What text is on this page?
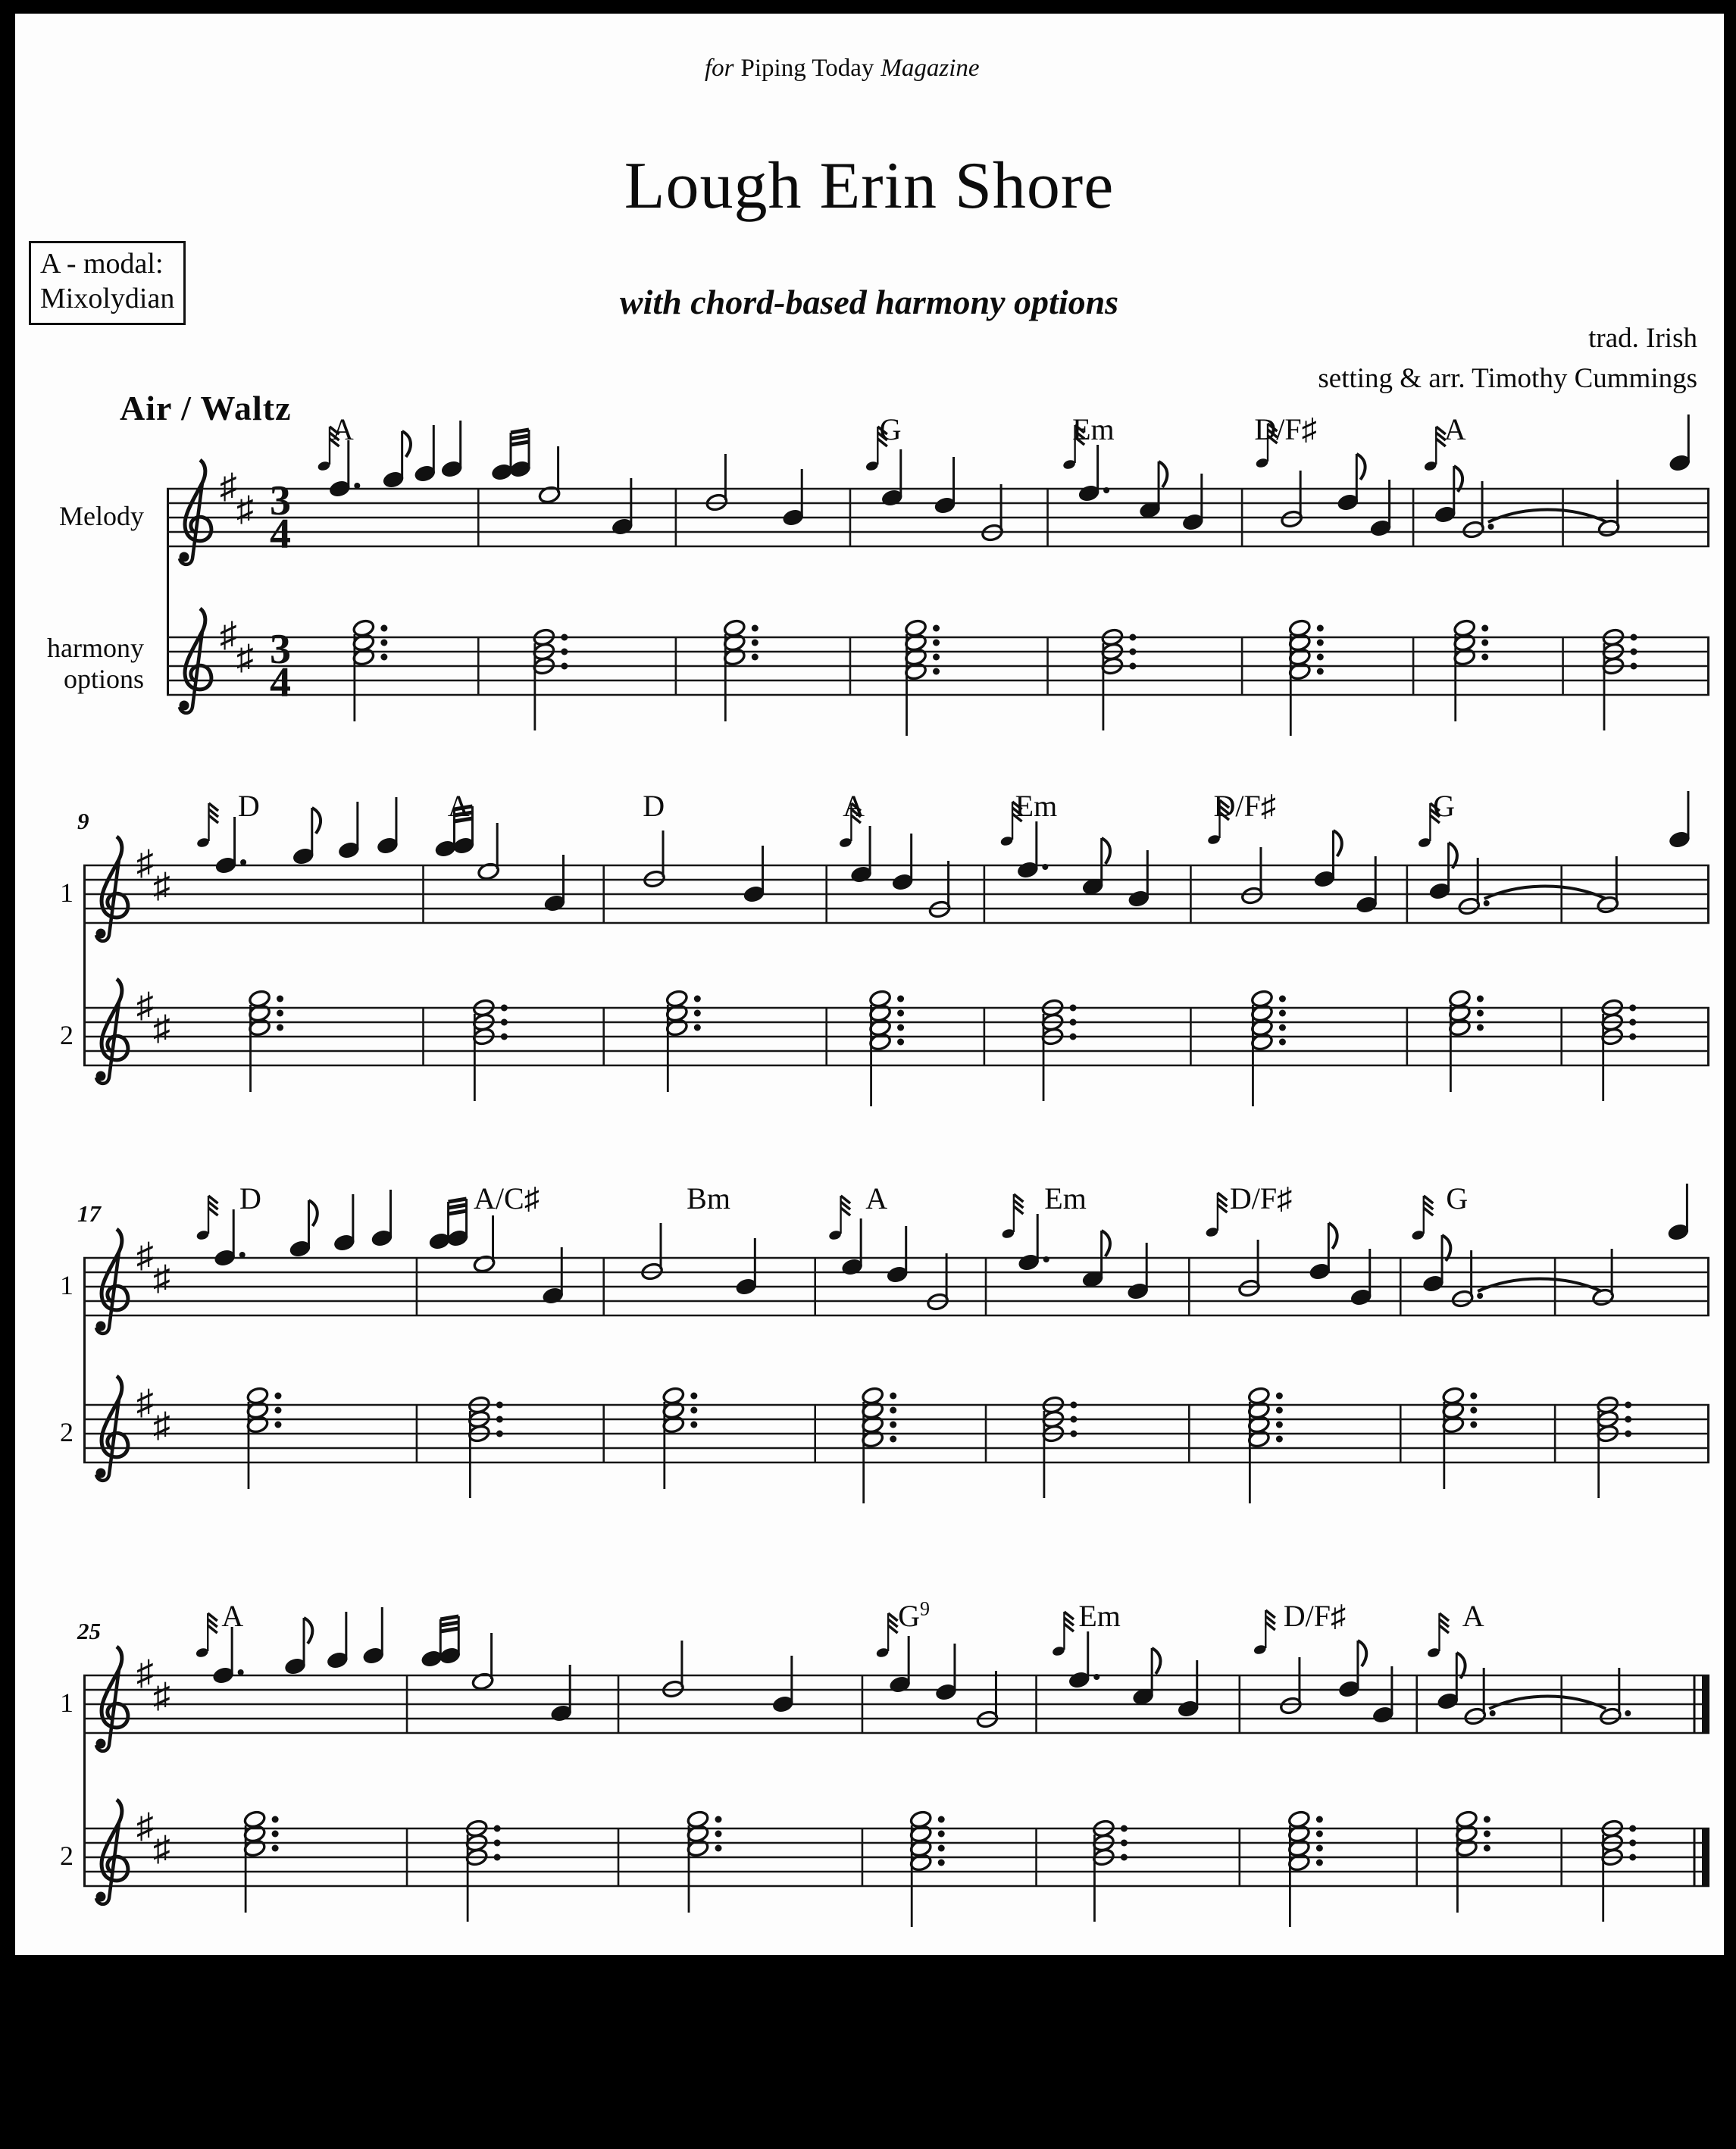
for Piping Today Magazine
Lough Erin Shore
with chord-based harmony options
A - modal:
Mixolydian
trad. Irish
setting & arr. Timothy Cummings
Air / Waltz
♯
♯ 3
4
♯
♯ 3
4
Melody
harmony options
A	G	Em	D/F♯	A
♯
♯
♯
♯
1
2
9	D	A	D	A	Em	D/F♯	G
♯
♯
♯
♯
1
2
17	D	A/C♯	Bm	A	Em	D/F♯	G
♯
♯
♯
♯
1
2
25	A	$G^9$	Em	D/F♯	A
